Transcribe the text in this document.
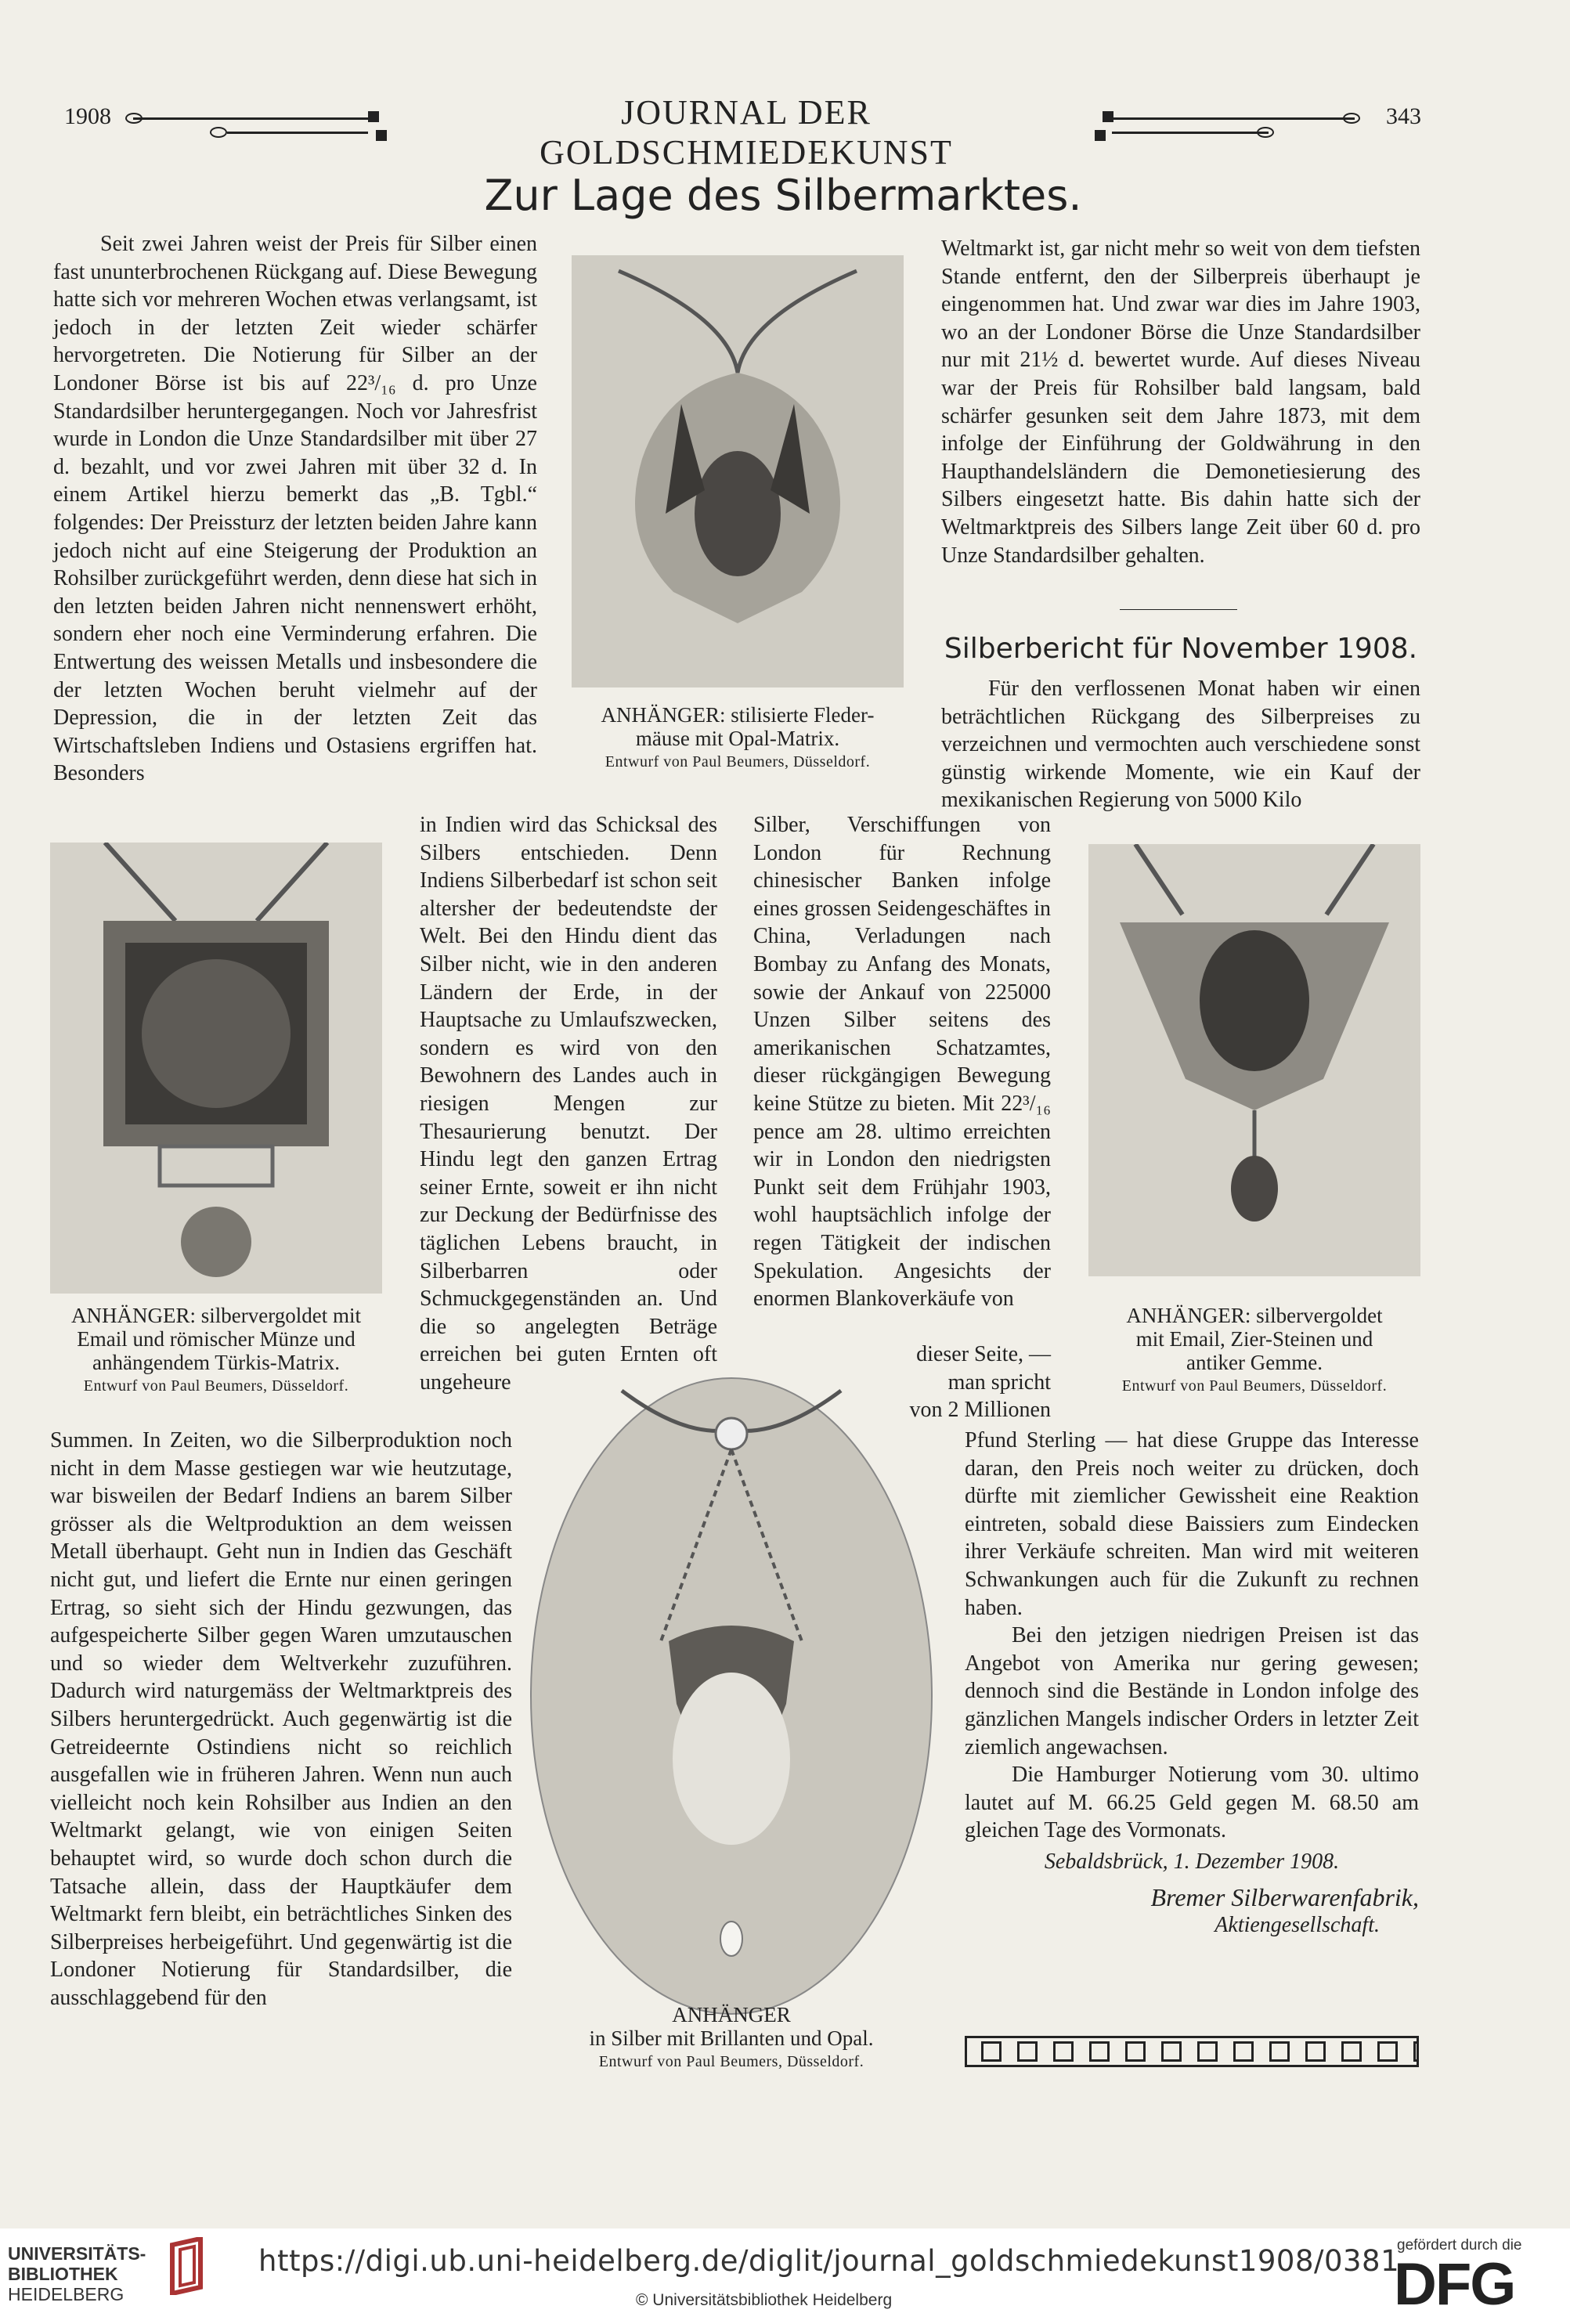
1908	JOURNAL DER GOLDSCHMIEDEKUNST
343
Zur Lage des Silbermarktes.

Seit zwei Jahren weist der Preis für Silber einen fast ununterbrochenen Rückgang auf. Diese Bewegung hatte sich vor mehreren Wochen etwas verlangsamt, ist jedoch in der letzten Zeit wieder schärfer hervorgetreten. Die Notierung für Silber an der Londoner Börse ist bis auf 22³/₁₆ d. pro Unze Standardsilber heruntergegangen. Noch vor Jahresfrist wurde in London die Unze Standardsilber mit über 27 d. bezahlt, und vor zwei Jahren mit über 32 d. In einem Artikel hierzu bemerkt das „B. Tgbl.“ folgendes: Der Preissturz der letzten beiden Jahre kann jedoch nicht auf eine Steigerung der Produktion an Rohsilber zurückgeführt werden, denn diese hat sich in den letzten beiden Jahren nicht nennenswert erhöht, sondern eher noch eine Verminderung erfahren. Die Entwertung des weissen Metalls und insbesondere die der letzten Wochen beruht vielmehr auf der Depression, die in der letzten Zeit das Wirtschaftsleben Indiens und Ostasiens ergriffen hat. Besonders

ANHÄNGER: stilisierte Fleder-
mäuse mit Opal-Matrix.
Entwurf von Paul Beumers, Düsseldorf.

Weltmarkt ist, gar nicht mehr so weit von dem tiefsten Stande entfernt, den der Silberpreis überhaupt je eingenommen hat. Und zwar war dies im Jahre 1903, wo an der Londoner Börse die Unze Standardsilber nur mit 21½ d. bewertet wurde. Auf dieses Niveau war der Preis für Rohsilber bald langsam, bald schärfer gesunken seit dem Jahre 1873, mit dem infolge der Einführung der Goldwährung in den Haupthandelsländern die Demonetiesierung des Silbers eingesetzt hatte. Bis dahin hatte sich der Weltmarktpreis des Silbers lange Zeit über 60 d. pro Unze Standardsilber gehalten.

Silberbericht für November 1908.

Für den verflossenen Monat haben wir einen beträchtlichen Rückgang des Silberpreises zu verzeichnen und vermochten auch verschiedene sonst günstig wirkende Momente, wie ein Kauf der mexikanischen Regierung von 5000 Kilo

ANHÄNGER: silbervergoldet mit
Email und römischer Münze und
anhängendem Türkis-Matrix.
Entwurf von Paul Beumers, Düsseldorf.

in Indien wird das Schicksal des Silbers entschieden. Denn Indiens Silberbedarf ist schon seit altersher der bedeutendste der Welt. Bei den Hindu dient das Silber nicht, wie in den anderen Ländern der Erde, in der Hauptsache zu Umlaufszwecken, sondern es wird von den Bewohnern des Landes auch in riesigen Mengen zur Thesaurierung benutzt. Der Hindu legt den ganzen Ertrag seiner Ernte, soweit er ihn nicht zur Deckung der Bedürfnisse des täglichen Lebens braucht, in Silberbarren oder Schmuckgegenständen an. Und die so angelegten Beträge erreichen bei guten Ernten oft ungeheure

Silber, Verschiffungen von London für Rechnung chinesischer Banken infolge eines grossen Seidengeschäftes in China, Verladungen nach Bombay zu Anfang des Monats, sowie der Ankauf von 225000 Unzen Silber seitens des amerikanischen Schatzamtes, dieser rückgängigen Bewegung keine Stütze zu bieten. Mit 22³/₁₆ pence am 28. ultimo erreichten wir in London den niedrigsten Punkt seit dem Frühjahr 1903, wohl hauptsächlich infolge der regen Tätigkeit der indischen Spekulation. Angesichts der enormen Blankoverkäufe von

dieser Seite, —
man spricht
von 2 Millionen
ANHÄNGER: silbervergoldet
mit Email, Zier-Steinen und
antiker Gemme.
Entwurf von Paul Beumers, Düsseldorf.
ANHÄNGER
in Silber mit Brillanten und Opal.
Entwurf von Paul Beumers, Düsseldorf.

Summen. In Zeiten, wo die Silberproduktion noch nicht in dem Masse gestiegen war wie heutzutage, war bisweilen der Bedarf Indiens an barem Silber grösser als die Weltproduktion an dem weissen Metall überhaupt. Geht nun in Indien das Geschäft nicht gut, und liefert die Ernte nur einen geringen Ertrag, so sieht sich der Hindu gezwungen, das aufgespeicherte Silber gegen Waren umzutauschen und so wieder dem Weltverkehr zuzuführen. Dadurch wird naturgemäss der Weltmarktpreis des Silbers heruntergedrückt. Auch gegenwärtig ist die Getreideernte Ostindiens nicht so reichlich ausgefallen wie in früheren Jahren. Wenn nun auch vielleicht noch kein Rohsilber aus Indien an den Weltmarkt gelangt, wie von einigen Seiten behauptet wird, so wurde doch schon durch die Tatsache allein, dass der Hauptkäufer dem Weltmarkt fern bleibt, ein beträchtliches Sinken des Silberpreises herbeigeführt. Und gegenwärtig ist die Londoner Notierung für Standardsilber, die ausschlaggebend für den

Pfund Sterling — hat diese Gruppe das Interesse daran, den Preis noch weiter zu drücken, doch dürfte mit ziemlicher Gewissheit eine Reaktion eintreten, sobald diese Baissiers zum Eindecken ihrer Verkäufe schreiten. Man wird mit weiteren Schwankungen auch für die Zukunft zu rechnen haben.

Bei den jetzigen niedrigen Preisen ist das Angebot von Amerika nur gering gewesen; dennoch sind die Bestände in London infolge des gänzlichen Mangels indischer Orders in letzter Zeit ziemlich angewachsen.

Die Hamburger Notierung vom 30. ultimo lautet auf M. 66.25 Geld gegen M. 68.50 am gleichen Tage des Vormonats.

Sebaldsbrück, 1. Dezember 1908.

Bremer Silberwarenfabrik,

Aktiengesellschaft.

UNIVERSITÄTS-
BIBLIOTHEK
HEIDELBERG
https://digi.ub.uni-heidelberg.de/diglit/journal_goldschmiedekunst1908/0381
© Universitätsbibliothek Heidelberg
gefördert durch die
DFG
